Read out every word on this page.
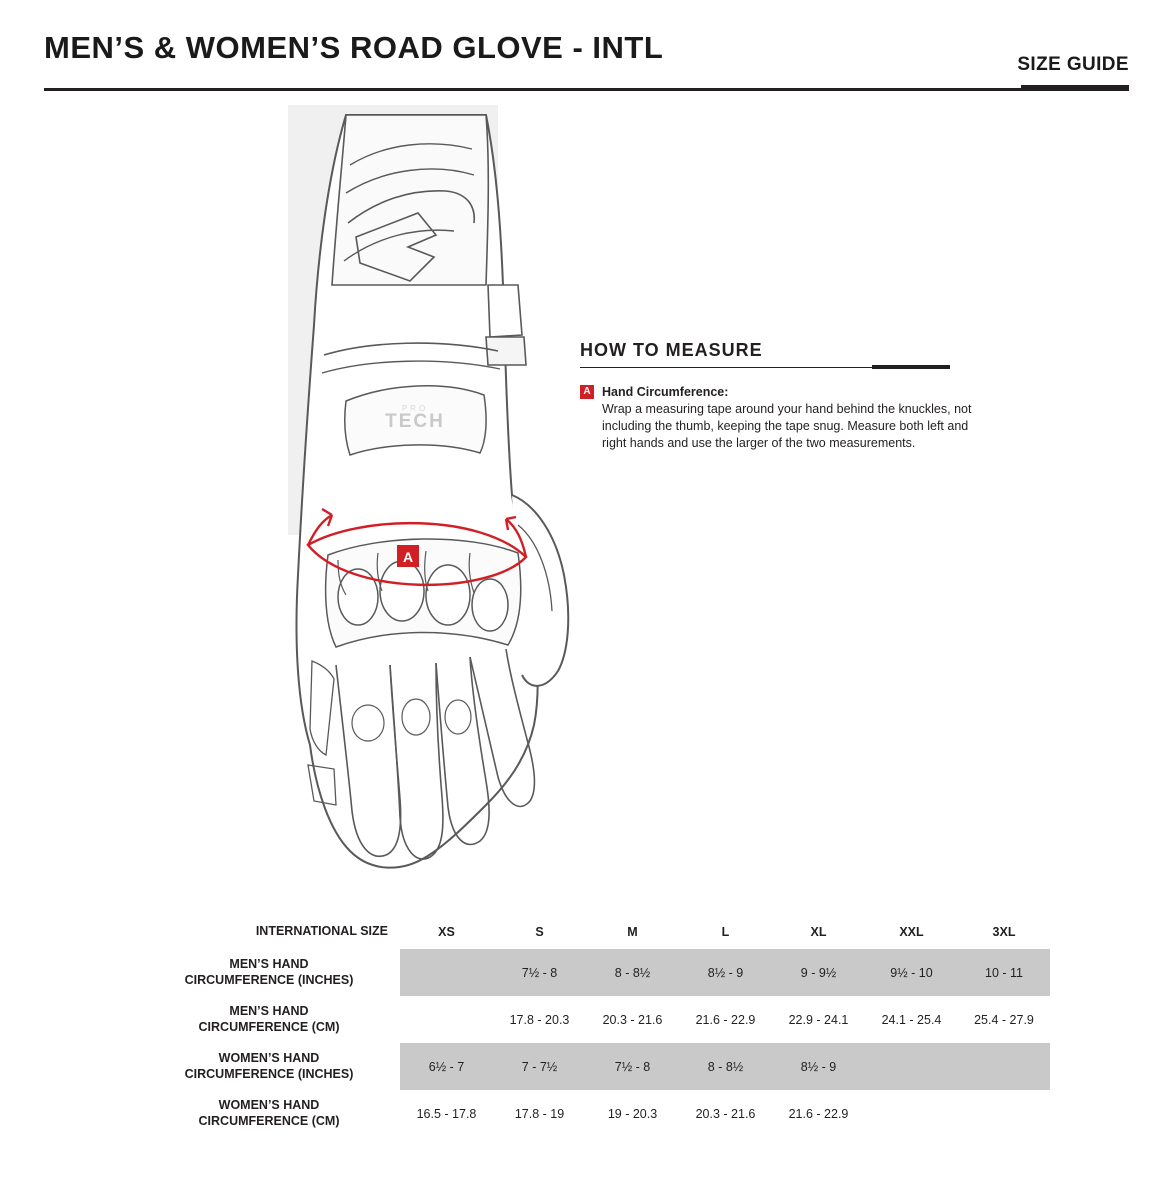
MEN’S & WOMEN’S ROAD GLOVE - INTL	SIZE GUIDE
TECH
PRO
A
HOW TO MEASURE
A Hand Circumference:
Wrap a measuring tape around your hand behind the knuckles, not including the thumb, keeping the tape snug. Measure both left and right hands and use the larger of the two measurements.
INTERNATIONAL SIZE	XS	S	M	L	XL	XXL	3XL

MEN’S HAND
CIRCUMFERENCE (INCHES)		7½ - 8	8 - 8½	8½ - 9	9 - 9½	9½ - 10	10 - 11

MEN’S HAND
CIRCUMFERENCE (CM)		17.8 - 20.3	20.3 - 21.6	21.6 - 22.9	22.9 - 24.1	24.1 - 25.4	25.4 - 27.9

WOMEN’S HAND
CIRCUMFERENCE (INCHES)	6½ - 7	7 - 7½	7½ - 8	8 - 8½	8½ - 9		

WOMEN’S HAND
CIRCUMFERENCE (CM)	16.5 - 17.8	17.8 - 19	19 - 20.3	20.3 - 21.6	21.6 - 22.9		
